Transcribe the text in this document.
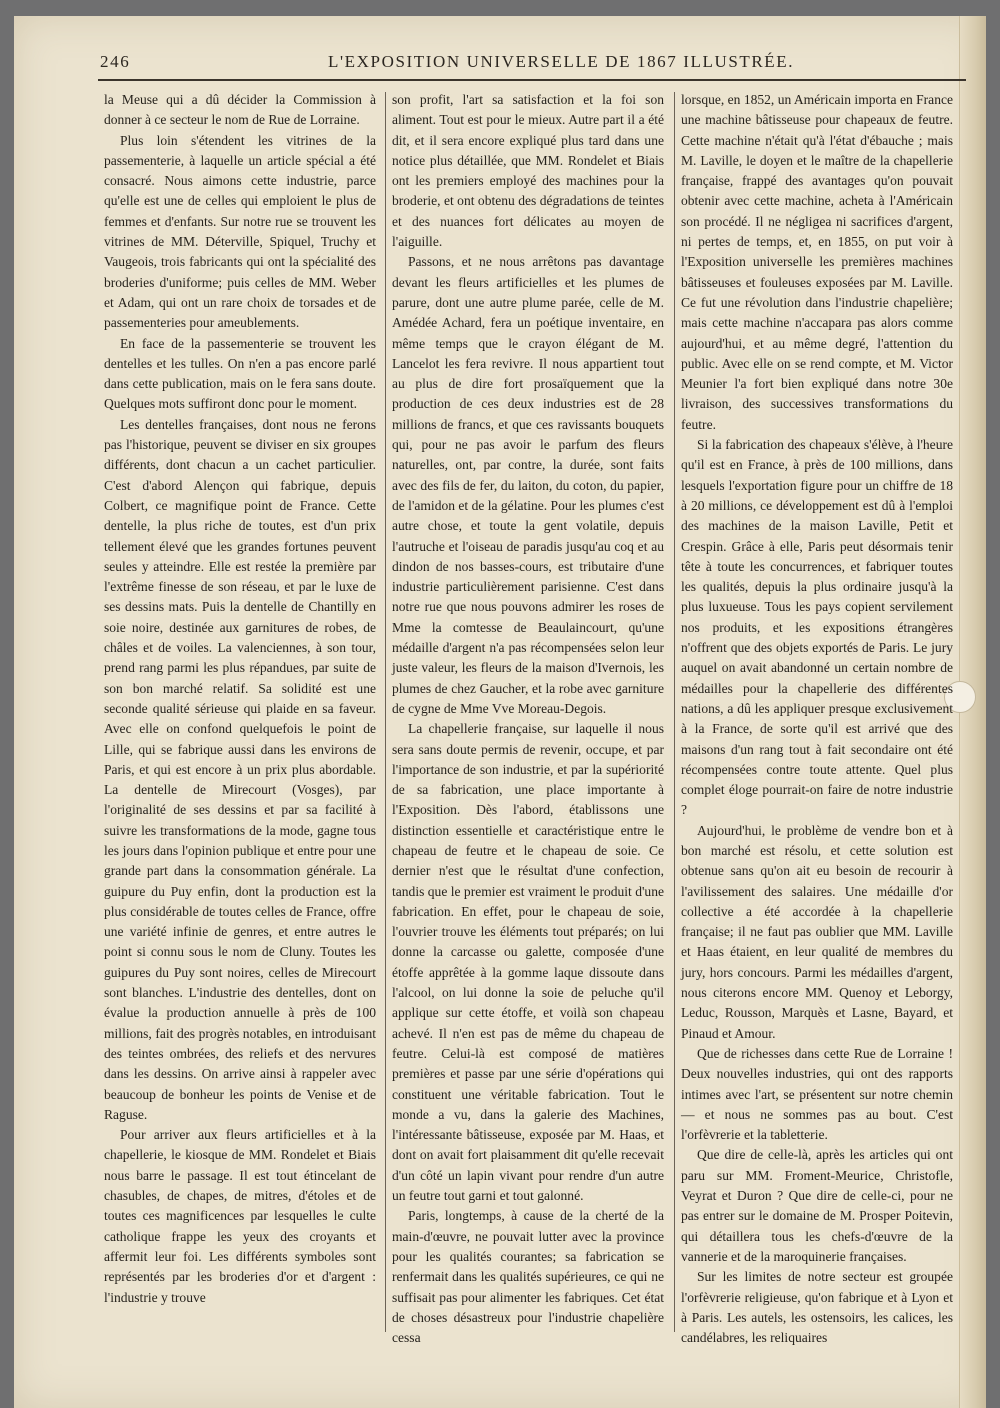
246	L'EXPOSITION UNIVERSELLE DE 1867 ILLUSTRÉE.

la Meuse qui a dû décider la Commission à donner à ce secteur le nom de Rue de Lorraine.

Plus loin s'étendent les vitrines de la passementerie, à laquelle un article spécial a été consacré. Nous aimons cette industrie, parce qu'elle est une de celles qui emploient le plus de femmes et d'enfants. Sur notre rue se trouvent les vitrines de MM. Déterville, Spiquel, Truchy et Vaugeois, trois fabricants qui ont la spécialité des broderies d'uniforme; puis celles de MM. Weber et Adam, qui ont un rare choix de torsades et de passementeries pour ameublements.

En face de la passementerie se trouvent les dentelles et les tulles. On n'en a pas encore parlé dans cette publication, mais on le fera sans doute. Quelques mots suffiront donc pour le moment.

Les dentelles françaises, dont nous ne ferons pas l'historique, peuvent se diviser en six groupes différents, dont chacun a un cachet particulier. C'est d'abord Alençon qui fabrique, depuis Colbert, ce magnifique point de France. Cette dentelle, la plus riche de toutes, est d'un prix tellement élevé que les grandes fortunes peuvent seules y atteindre. Elle est restée la première par l'extrême finesse de son réseau, et par le luxe de ses dessins mats. Puis la dentelle de Chantilly en soie noire, destinée aux garnitures de robes, de châles et de voiles. La valenciennes, à son tour, prend rang parmi les plus répandues, par suite de son bon marché relatif. Sa solidité est une seconde qualité sérieuse qui plaide en sa faveur. Avec elle on confond quelquefois le point de Lille, qui se fabrique aussi dans les environs de Paris, et qui est encore à un prix plus abordable. La dentelle de Mirecourt (Vosges), par l'originalité de ses dessins et par sa facilité à suivre les transformations de la mode, gagne tous les jours dans l'opinion publique et entre pour une grande part dans la consommation générale. La guipure du Puy enfin, dont la production est la plus considérable de toutes celles de France, offre une variété infinie de genres, et entre autres le point si connu sous le nom de Cluny. Toutes les guipures du Puy sont noires, celles de Mirecourt sont blanches. L'industrie des dentelles, dont on évalue la production annuelle à près de 100 millions, fait des progrès notables, en introduisant des teintes ombrées, des reliefs et des nervures dans les dessins. On arrive ainsi à rappeler avec beaucoup de bonheur les points de Venise et de Raguse.

Pour arriver aux fleurs artificielles et à la chapellerie, le kiosque de MM. Rondelet et Biais nous barre le passage. Il est tout étincelant de chasubles, de chapes, de mitres, d'étoles et de toutes ces magnificences par lesquelles le culte catholique frappe les yeux des croyants et affermit leur foi. Les différents symboles sont représentés par les broderies d'or et d'argent : l'industrie y trouve

son profit, l'art sa satisfaction et la foi son aliment. Tout est pour le mieux. Autre part il a été dit, et il sera encore expliqué plus tard dans une notice plus détaillée, que MM. Rondelet et Biais ont les premiers employé des machines pour la broderie, et ont obtenu des dégradations de teintes et des nuances fort délicates au moyen de l'aiguille.

Passons, et ne nous arrêtons pas davantage devant les fleurs artificielles et les plumes de parure, dont une autre plume parée, celle de M. Amédée Achard, fera un poétique inventaire, en même temps que le crayon élégant de M. Lancelot les fera revivre. Il nous appartient tout au plus de dire fort prosaïquement que la production de ces deux industries est de 28 millions de francs, et que ces ravissants bouquets qui, pour ne pas avoir le parfum des fleurs naturelles, ont, par contre, la durée, sont faits avec des fils de fer, du laiton, du coton, du papier, de l'amidon et de la gélatine. Pour les plumes c'est autre chose, et toute la gent volatile, depuis l'autruche et l'oiseau de paradis jusqu'au coq et au dindon de nos basses-cours, est tributaire d'une industrie particulièrement parisienne. C'est dans notre rue que nous pouvons admirer les roses de Mme la comtesse de Beaulaincourt, qu'une médaille d'argent n'a pas récompensées selon leur juste valeur, les fleurs de la maison d'Ivernois, les plumes de chez Gaucher, et la robe avec garniture de cygne de Mme Vve Moreau-Degois.

La chapellerie française, sur laquelle il nous sera sans doute permis de revenir, occupe, et par l'importance de son industrie, et par la supériorité de sa fabrication, une place importante à l'Exposition. Dès l'abord, établissons une distinction essentielle et caractéristique entre le chapeau de feutre et le chapeau de soie. Ce dernier n'est que le résultat d'une confection, tandis que le premier est vraiment le produit d'une fabrication. En effet, pour le chapeau de soie, l'ouvrier trouve les éléments tout préparés; on lui donne la carcasse ou galette, composée d'une étoffe apprêtée à la gomme laque dissoute dans l'alcool, on lui donne la soie de peluche qu'il applique sur cette étoffe, et voilà son chapeau achevé. Il n'en est pas de même du chapeau de feutre. Celui-là est composé de matières premières et passe par une série d'opérations qui constituent une véritable fabrication. Tout le monde a vu, dans la galerie des Machines, l'intéressante bâtisseuse, exposée par M. Haas, et dont on avait fort plaisamment dit qu'elle recevait d'un côté un lapin vivant pour rendre d'un autre un feutre tout garni et tout galonné.

Paris, longtemps, à cause de la cherté de la main-d'œuvre, ne pouvait lutter avec la province pour les qualités courantes; sa fabrication se renfermait dans les qualités supérieures, ce qui ne suffisait pas pour alimenter les fabriques. Cet état de choses désastreux pour l'industrie chapelière cessa

lorsque, en 1852, un Américain importa en France une machine bâtisseuse pour chapeaux de feutre. Cette machine n'était qu'à l'état d'ébauche ; mais M. Laville, le doyen et le maître de la chapellerie française, frappé des avantages qu'on pouvait obtenir avec cette machine, acheta à l'Américain son procédé. Il ne négligea ni sacrifices d'argent, ni pertes de temps, et, en 1855, on put voir à l'Exposition universelle les premières machines bâtisseuses et fouleuses exposées par M. Laville. Ce fut une révolution dans l'industrie chapelière; mais cette machine n'accapara pas alors comme aujourd'hui, et au même degré, l'attention du public. Avec elle on se rend compte, et M. Victor Meunier l'a fort bien expliqué dans notre 30e livraison, des successives transformations du feutre.

Si la fabrication des chapeaux s'élève, à l'heure qu'il est en France, à près de 100 millions, dans lesquels l'exportation figure pour un chiffre de 18 à 20 millions, ce développement est dû à l'emploi des machines de la maison Laville, Petit et Crespin. Grâce à elle, Paris peut désormais tenir tête à toute les concurrences, et fabriquer toutes les qualités, depuis la plus ordinaire jusqu'à la plus luxueuse. Tous les pays copient servilement nos produits, et les expositions étrangères n'offrent que des objets exportés de Paris. Le jury auquel on avait abandonné un certain nombre de médailles pour la chapellerie des différentes nations, a dû les appliquer presque exclusivement à la France, de sorte qu'il est arrivé que des maisons d'un rang tout à fait secondaire ont été récompensées contre toute attente. Quel plus complet éloge pourrait-on faire de notre industrie ?

Aujourd'hui, le problème de vendre bon et à bon marché est résolu, et cette solution est obtenue sans qu'on ait eu besoin de recourir à l'avilissement des salaires. Une médaille d'or collective a été accordée à la chapellerie française; il ne faut pas oublier que MM. Laville et Haas étaient, en leur qualité de membres du jury, hors concours. Parmi les médailles d'argent, nous citerons encore MM. Quenoy et Leborgy, Leduc, Rousson, Marquès et Lasne, Bayard, et Pinaud et Amour.

Que de richesses dans cette Rue de Lorraine ! Deux nouvelles industries, qui ont des rapports intimes avec l'art, se présentent sur notre chemin — et nous ne sommes pas au bout. C'est l'orfèvrerie et la tabletterie.

Que dire de celle-là, après les articles qui ont paru sur MM. Froment-Meurice, Christofle, Veyrat et Duron ? Que dire de celle-ci, pour ne pas entrer sur le domaine de M. Prosper Poitevin, qui détaillera tous les chefs-d'œuvre de la vannerie et de la maroquinerie françaises.

Sur les limites de notre secteur est groupée l'orfèvrerie religieuse, qu'on fabrique et à Lyon et à Paris. Les autels, les ostensoirs, les calices, les candélabres, les reliquaires
